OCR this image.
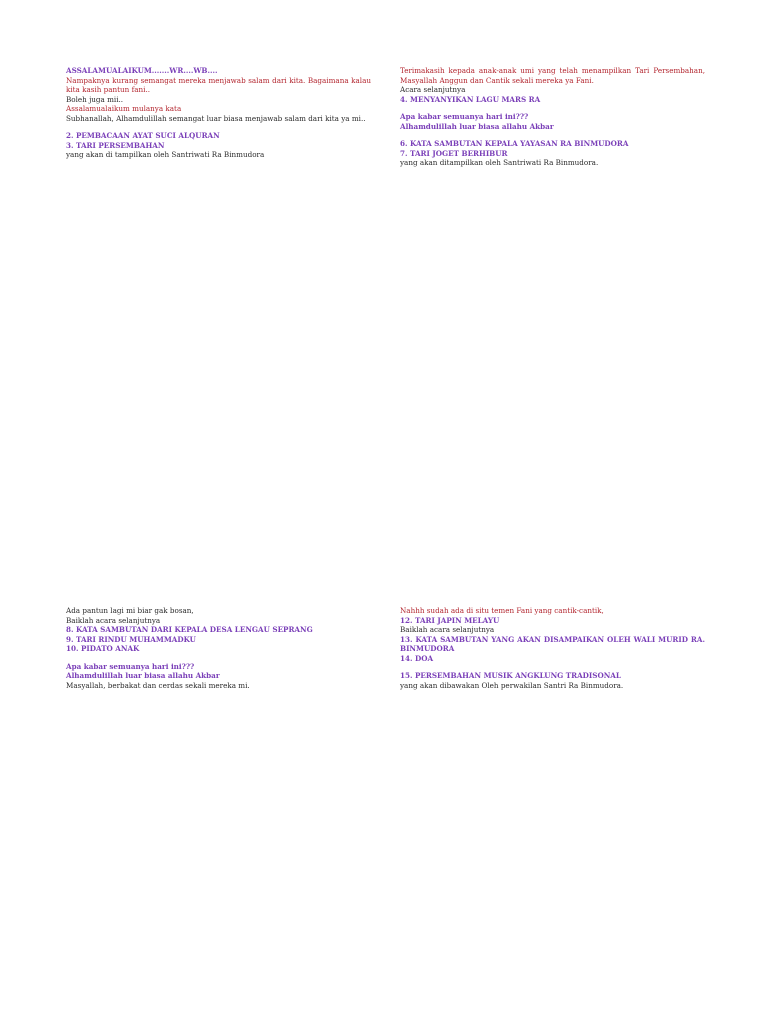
ASSALAMUALAIKUM.......WR....WB....
Nampaknya kurang semangat mereka menjawab salam dari kita. Bagaimana kalau kita kasih pantun fani..
Boleh juga mii..
Assalamualaikum mulanya kata
Subhanallah, Alhamdulillah semangat luar biasa menjawab salam dari kita ya mi..
2. PEMBACAAN AYAT SUCI ALQURAN
3. TARI PERSEMBAHAN
yang akan di tampilkan oleh Santriwati Ra Binmudora
Terimakasih kepada anak-anak umi yang telah menampilkan Tari Persembahan, Masyallah Anggun dan Cantik sekali mereka ya Fani.
Acara selanjutnya
4. MENYANYIKAN LAGU MARS RA
Apa kabar semuanya hari ini???
Alhamdulillah luar biasa allahu Akbar
6. KATA SAMBUTAN KEPALA YAYASAN RA BINMUDORA
7. TARI JOGET BERHIBUR
yang akan ditampilkan oleh Santriwati Ra Binmudora.
Ada pantun lagi mi biar gak bosan,
Baiklah acara selanjutnya
8. KATA SAMBUTAN DARI KEPALA DESA LENGAU SEPRANG
9. TARI RINDU MUHAMMADKU
10. PIDATO ANAK
Apa kabar semuanya hari ini???
Alhamdulillah luar biasa allahu Akbar
Masyallah, berbakat dan cerdas sekali mereka mi.
Nahhh sudah ada di situ temen Fani yang cantik-cantik,
12. TARI JAPIN MELAYU
Baiklah acara selanjutnya
13. KATA SAMBUTAN YANG AKAN DISAMPAIKAN OLEH WALI MURID RA. BINMUDORA
14. DOA
15. PERSEMBAHAN MUSIK ANGKLUNG TRADISONAL
yang akan dibawakan Oleh perwakilan Santri Ra Binmudora.
